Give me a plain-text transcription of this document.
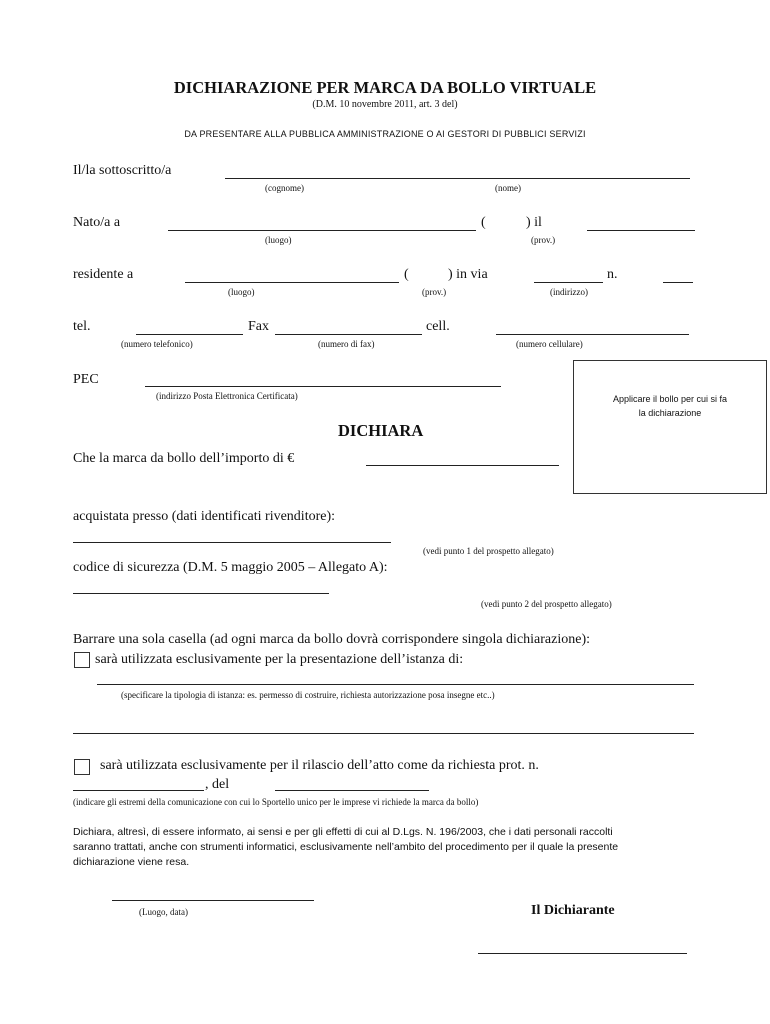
DICHIARAZIONE PER MARCA DA BOLLO VIRTUALE
(D.M. 10 novembre 2011, art. 3 del)
DA PRESENTARE ALLA PUBBLICA AMMINISTRAZIONE O AI GESTORI DI PUBBLICI SERVIZI
Il/la sottoscritto/a
(cognome)	(nome)
Nato/a a	(	) il
(luogo)	(prov.)
residente a	(	) in via	n.
(luogo)	(prov.)	(indirizzo)
tel.	Fax	cell.
(numero telefonico)	(numero di fax)	(numero cellulare)
PEC
(indirizzo Posta Elettronica Certificata)	Applicare il bollo per cui si fa
la dichiarazione
DICHIARA
Che la marca da bollo dell’importo di €
acquistata presso (dati identificati rivenditore):
(vedi punto 1 del prospetto allegato)
codice di sicurezza (D.M. 5 maggio 2005 – Allegato A):
(vedi punto 2 del prospetto allegato)
Barrare una sola casella (ad ogni marca da bollo dovrà corrispondere singola dichiarazione):
sarà utilizzata esclusivamente per la presentazione dell’istanza di:
(specificare la tipologia di istanza: es. permesso di costruire, richiesta autorizzazione posa insegne etc..)
sarà utilizzata esclusivamente per il rilascio dell’atto come da richiesta prot. n.
, del
(indicare gli estremi della comunicazione con cui lo Sportello unico per le imprese vi richiede la marca da bollo)
Dichiara, altresì, di essere informato, ai sensi e per gli effetti di cui al D.Lgs. N. 196/2003, che i dati personali raccolti
saranno trattati, anche con strumenti informatici, esclusivamente nell’ambito del procedimento per il quale la presente
dichiarazione viene resa.
(Luogo, data)	Il Dichiarante
